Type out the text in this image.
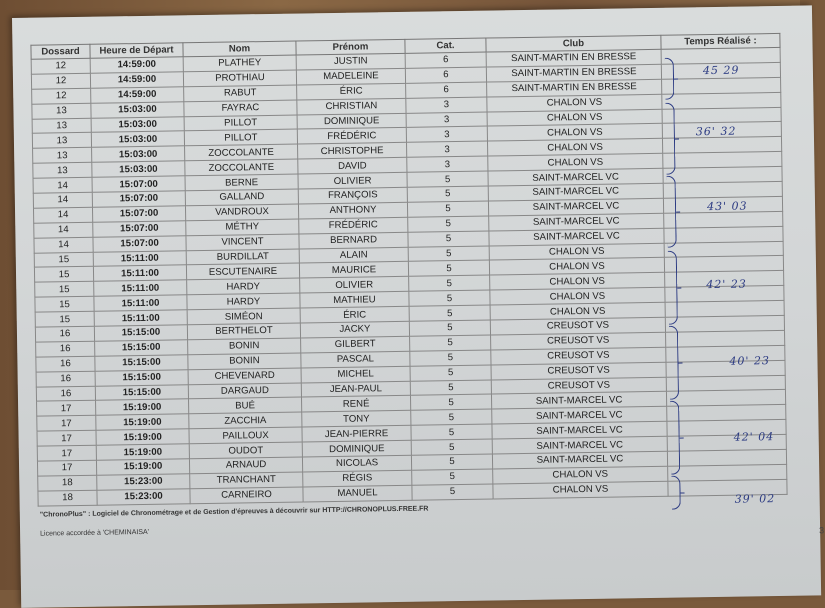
Dossard	Heure de Départ	Nom	Prénom	Cat.	Club	Temps Réalisé :
12	14:59:00	PLATHEY	JUSTIN	6	SAINT-MARTIN EN BRESSE	
12	14:59:00	PROTHIAU	MADELEINE	6	SAINT-MARTIN EN BRESSE	
12	14:59:00	RABUT	ÉRIC	6	SAINT-MARTIN EN BRESSE	
13	15:03:00	FAYRAC	CHRISTIAN	3	CHALON VS	
13	15:03:00	PILLOT	DOMINIQUE	3	CHALON VS	
13	15:03:00	PILLOT	FRÉDÉRIC	3	CHALON VS	
13	15:03:00	ZOCCOLANTE	CHRISTOPHE	3	CHALON VS	
13	15:03:00	ZOCCOLANTE	DAVID	3	CHALON VS	
14	15:07:00	BERNE	OLIVIER	5	SAINT-MARCEL VC	
14	15:07:00	GALLAND	FRANÇOIS	5	SAINT-MARCEL VC	
14	15:07:00	VANDROUX	ANTHONY	5	SAINT-MARCEL VC	
14	15:07:00	MÉTHY	FRÉDÉRIC	5	SAINT-MARCEL VC	
14	15:07:00	VINCENT	BERNARD	5	SAINT-MARCEL VC	
15	15:11:00	BURDILLAT	ALAIN	5	CHALON VS	
15	15:11:00	ESCUTENAIRE	MAURICE	5	CHALON VS	
15	15:11:00	HARDY	OLIVIER	5	CHALON VS	
15	15:11:00	HARDY	MATHIEU	5	CHALON VS	
15	15:11:00	SIMÉON	ÉRIC	5	CHALON VS	
16	15:15:00	BERTHELOT	JACKY	5	CREUSOT VS	
16	15:15:00	BONIN	GILBERT	5	CREUSOT VS	
16	15:15:00	BONIN	PASCAL	5	CREUSOT VS	
16	15:15:00	CHEVENARD	MICHEL	5	CREUSOT VS	
16	15:15:00	DARGAUD	JEAN-PAUL	5	CREUSOT VS	
17	15:19:00	BUÉ	RENÉ	5	SAINT-MARCEL VC	
17	15:19:00	ZACCHIA	TONY	5	SAINT-MARCEL VC	
17	15:19:00	PAILLOUX	JEAN-PIERRE	5	SAINT-MARCEL VC	
17	15:19:00	OUDOT	DOMINIQUE	5	SAINT-MARCEL VC	
17	15:19:00	ARNAUD	NICOLAS	5	SAINT-MARCEL VC	
18	15:23:00	TRANCHANT	RÉGIS	5	CHALON VS	
18	15:23:00	CARNEIRO	MANUEL	5	CHALON VS	
"ChronoPlus" : Logiciel de Chronométrage et de Gestion d'épreuves à découvrir sur HTTP://CHRONOPLUS.FREE.FR
Licence accordée à 'CHEMINAISA'	3
45 29
36' 32
43' 03
42' 23
40' 23
42' 04
39' 02
